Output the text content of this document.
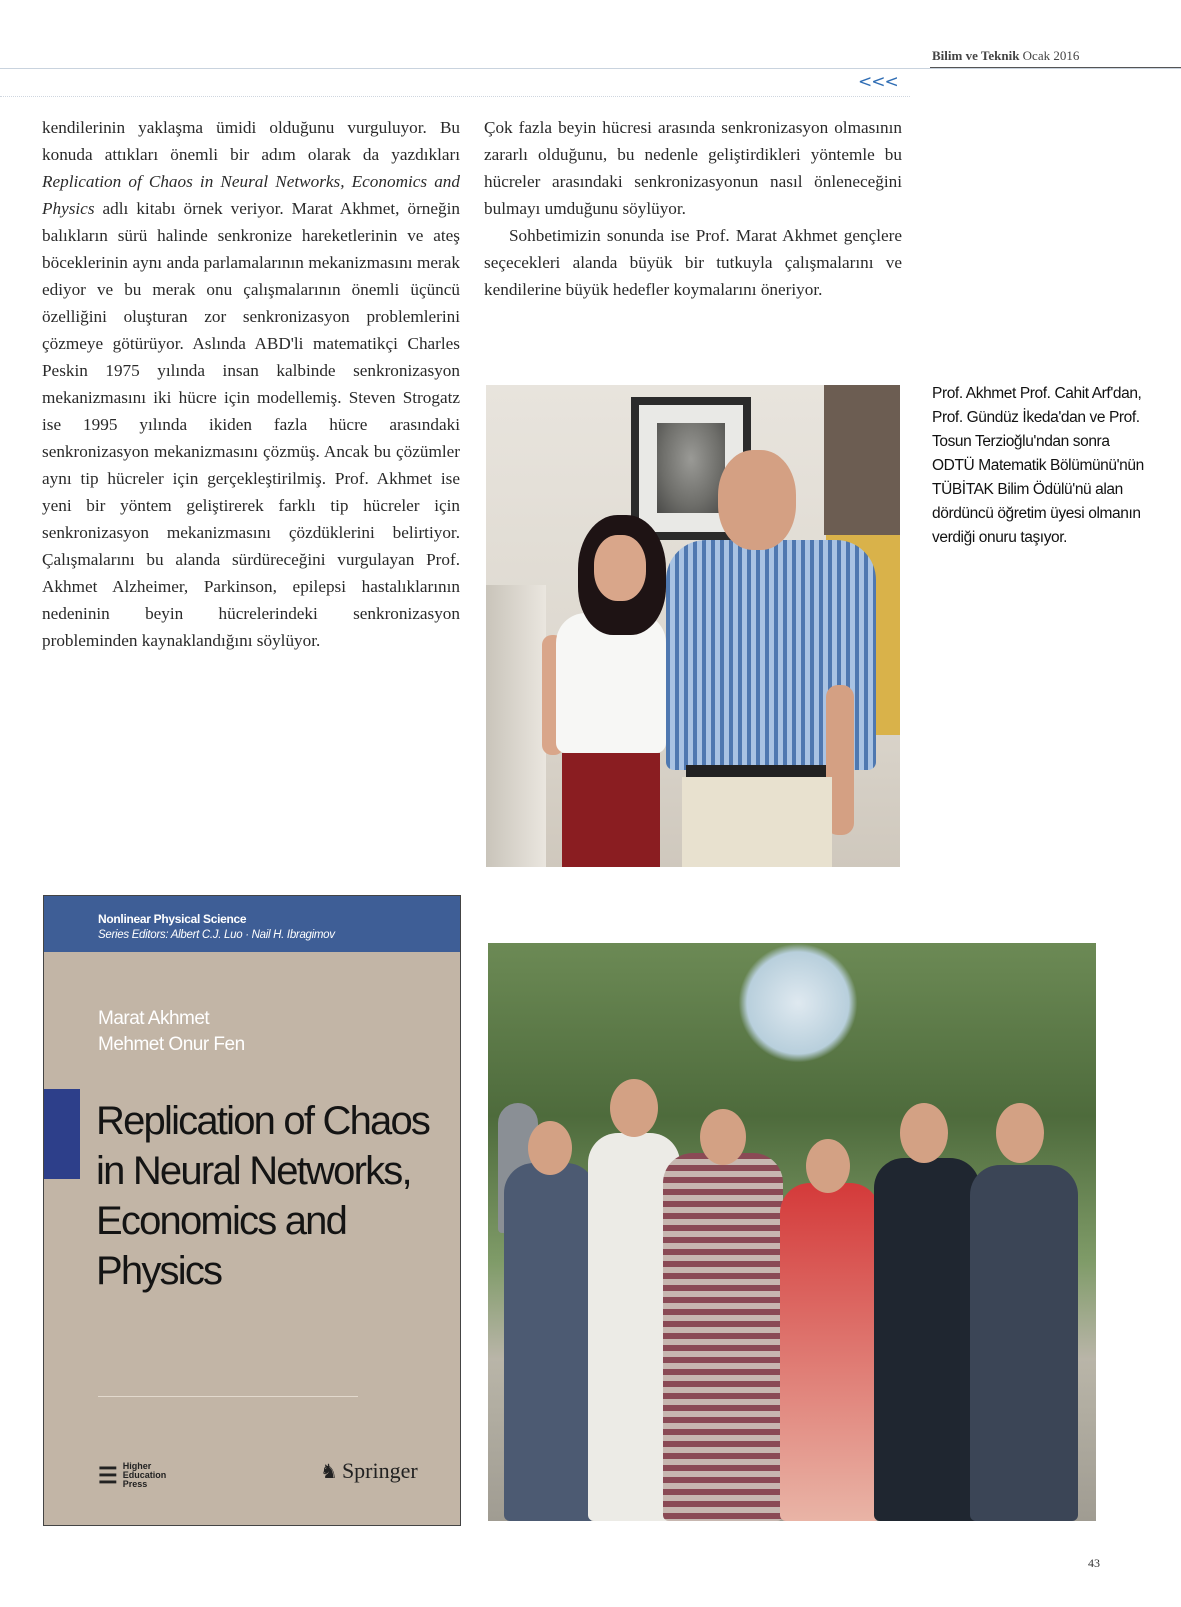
Bilim ve Teknik Ocak 2016
<<<

kendilerinin yaklaşma ümidi olduğunu vurguluyor. Bu konuda attıkları önemli bir adım olarak da yazdıkları Replication of Chaos in Neural Networks, Economics and Physics adlı kitabı örnek veriyor. Marat Akhmet, örneğin balıkların sürü halinde senkronize hareketlerinin ve ateş böceklerinin aynı anda parlamalarının mekanizmasını merak ediyor ve bu merak onu çalışmalarının önemli üçüncü özelliğini oluşturan zor senkronizasyon problemlerini çözmeye götürüyor. Aslında ABD'li matematikçi Charles Peskin 1975 yılında insan kalbinde senkronizasyon mekanizmasını iki hücre için modellemiş. Steven Strogatz ise 1995 yılında ikiden fazla hücre arasındaki senkronizasyon mekanizmasını çözmüş. Ancak bu çözümler aynı tip hücreler için gerçekleştirilmiş. Prof. Akhmet ise yeni bir yöntem geliştirerek farklı tip hücreler için senkronizasyon mekanizmasını çözdüklerini belirtiyor. Çalışmalarını bu alanda sürdüreceğini vurgulayan Prof. Akhmet Alzheimer, Parkinson, epilepsi hastalıklarının nedeninin beyin hücrelerindeki senkronizasyon probleminden kaynaklandığını söylüyor.

Çok fazla beyin hücresi arasında senkronizasyon olmasının zararlı olduğunu, bu nedenle geliştirdikleri yöntemle bu hücreler arasındaki senkronizasyonun nasıl önleneceğini bulmayı umduğunu söylüyor.

Sohbetimizin sonunda ise Prof. Marat Akhmet gençlere seçecekleri alanda büyük bir tutkuyla çalışmalarını ve kendilerine büyük hedefler koymalarını öneriyor.

Prof. Akhmet Prof. Cahit Arf'dan, Prof. Gündüz İkeda'dan ve Prof. Tosun Terzioğlu'ndan sonra ODTÜ Matematik Bölümünü'nün TÜBİTAK Bilim Ödülü'nü alan dördüncü öğretim üyesi olmanın verdiği onuru taşıyor.
Nonlinear Physical Science
Series Editors: Albert C.J. Luo · Nail H. Ibragimov
Marat Akhmet
Mehmet Onur Fen
Replication of Chaos
in Neural Networks,
Economics and
Physics
☰ Higher
Education
Press
♞ Springer
43
